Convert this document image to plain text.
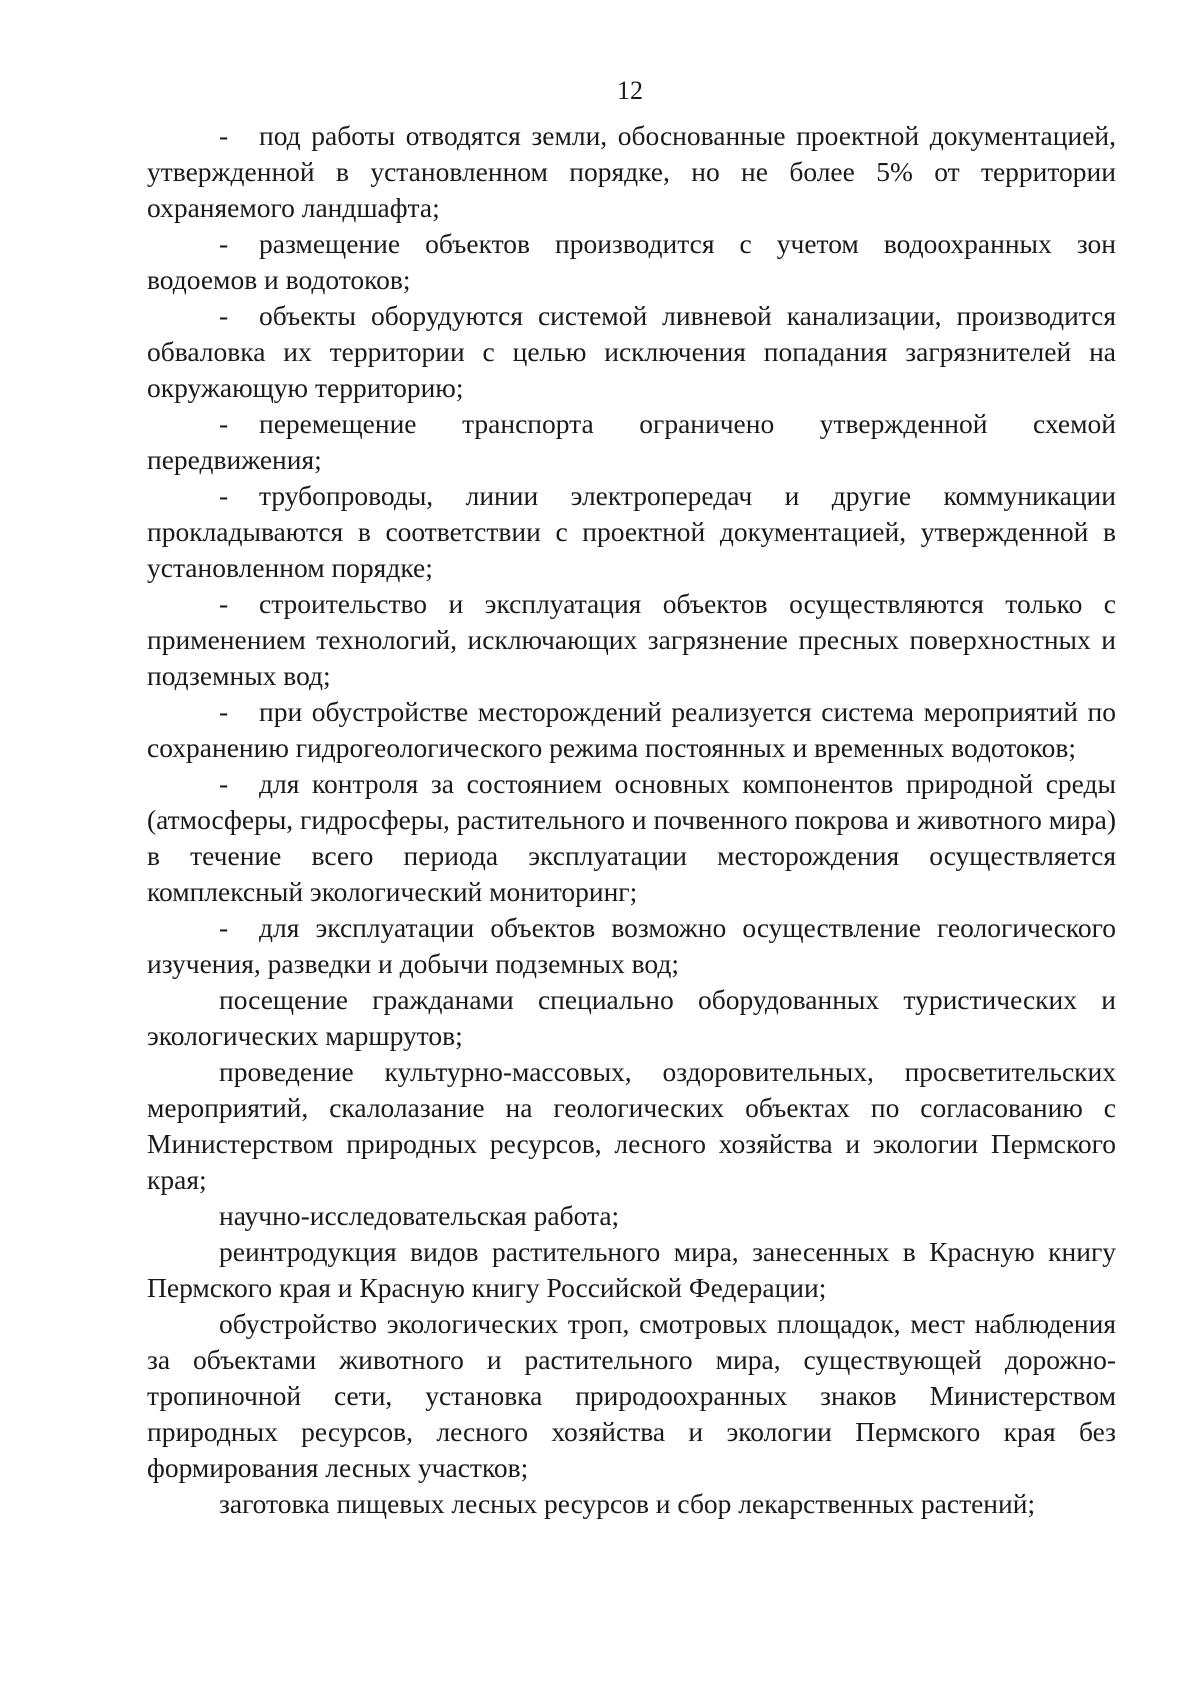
12

- под работы отводятся земли, обоснованные проектной документацией, утвержденной в установленном порядке, но не более 5% от территории охраняемого ландшафта;

- размещение объектов производится с учетом водоохранных зон водоемов и водотоков;

- объекты оборудуются системой ливневой канализации, производится обваловка их территории с целью исключения попадания загрязнителей на окружающую территорию;

- перемещение транспорта ограничено утвержденной схемой передвижения;

- трубопроводы, линии электропередач и другие коммуникации прокладываются в соответствии с проектной документацией, утвержденной в установленном порядке;

- строительство и эксплуатация объектов осуществляются только с применением технологий, исключающих загрязнение пресных поверхностных и подземных вод;

- при обустройстве месторождений реализуется система мероприятий по сохранению гидрогеологического режима постоянных и временных водотоков;

- для контроля за состоянием основных компонентов природной среды (атмосферы, гидросферы, растительного и почвенного покрова и животного мира) в течение всего периода эксплуатации месторождения осуществляется комплексный экологический мониторинг;

- для эксплуатации объектов возможно осуществление геологического изучения, разведки и добычи подземных вод;

посещение гражданами специально оборудованных туристических и экологических маршрутов;

проведение культурно-массовых, оздоровительных, просветительских мероприятий, скалолазание на геологических объектах по согласованию с Министерством природных ресурсов, лесного хозяйства и экологии Пермского края;

научно-исследовательская работа;

реинтродукция видов растительного мира, занесенных в Красную книгу Пермского края и Красную книгу Российской Федерации;

обустройство экологических троп, смотровых площадок, мест наблюдения за объектами животного и растительного мира, существующей дорожно-тропиночной сети, установка природоохранных знаков Министерством природных ресурсов, лесного хозяйства и экологии Пермского края без формирования лесных участков;

заготовка пищевых лесных ресурсов и сбор лекарственных растений;
